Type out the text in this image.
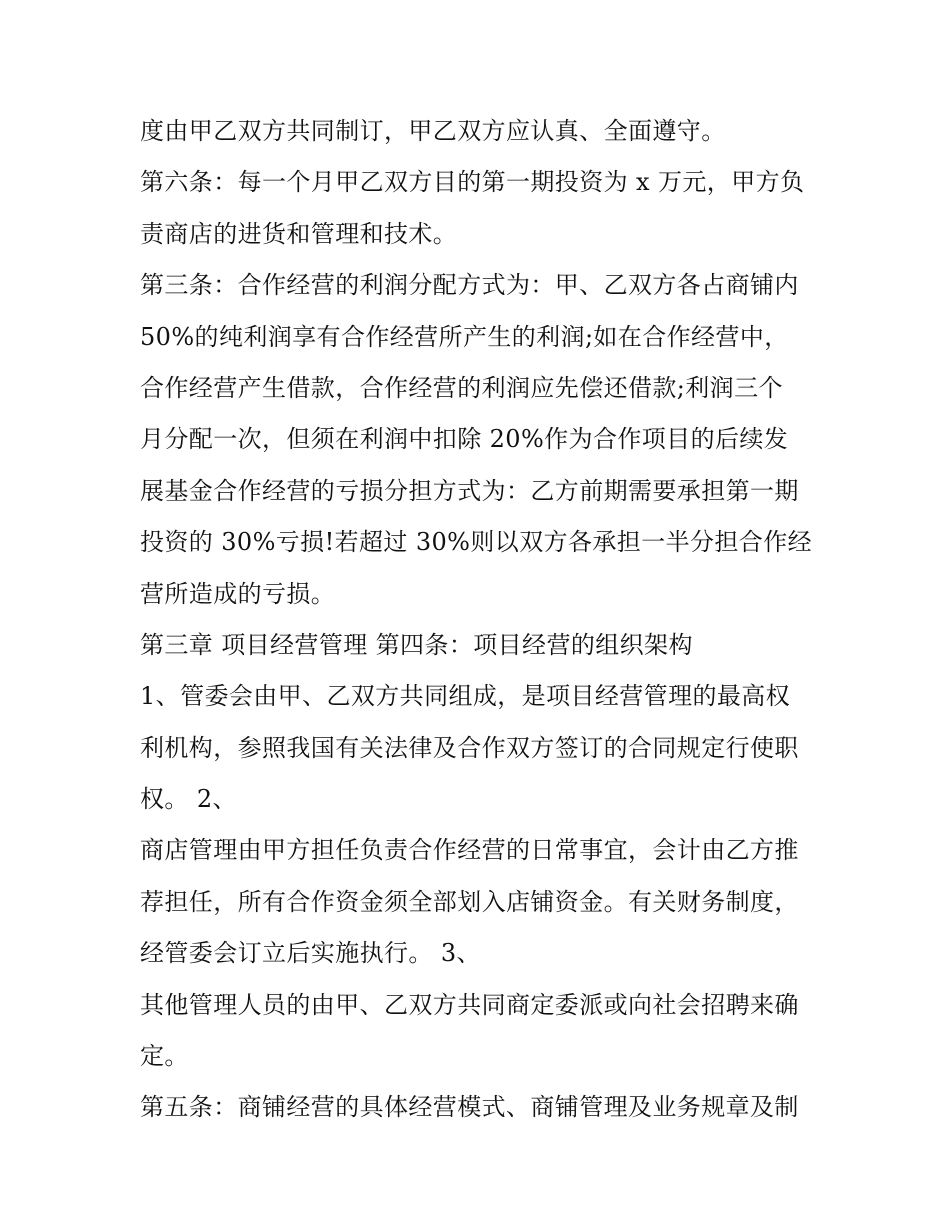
度由甲乙双方共同制订，甲乙双方应认真、全面遵守。
第六条：每一个月甲乙双方目的第一期投资为 x 万元，甲方负
责商店的进货和管理和技术。
第三条：合作经营的利润分配方式为：甲、乙双方各占商铺内
50%的纯利润享有合作经营所产生的利润;如在合作经营中，
合作经营产生借款，合作经营的利润应先偿还借款;利润三个
月分配一次，但须在利润中扣除 20%作为合作项目的后续发
展基金合作经营的亏损分担方式为：乙方前期需要承担第一期
投资的 30%亏损!若超过 30%则以双方各承担一半分担合作经
营所造成的亏损。
第三章 项目经营管理 第四条：项目经营的组织架构
1、管委会由甲、乙双方共同组成，是项目经营管理的最高权
利机构，参照我国有关法律及合作双方签订的合同规定行使职
权。 2、
商店管理由甲方担任负责合作经营的日常事宜，会计由乙方推
荐担任，所有合作资金须全部划入店铺资金。有关财务制度，
经管委会订立后实施执行。 3、
其他管理人员的由甲、乙双方共同商定委派或向社会招聘来确
定。
第五条：商铺经营的具体经营模式、商铺管理及业务规章及制
